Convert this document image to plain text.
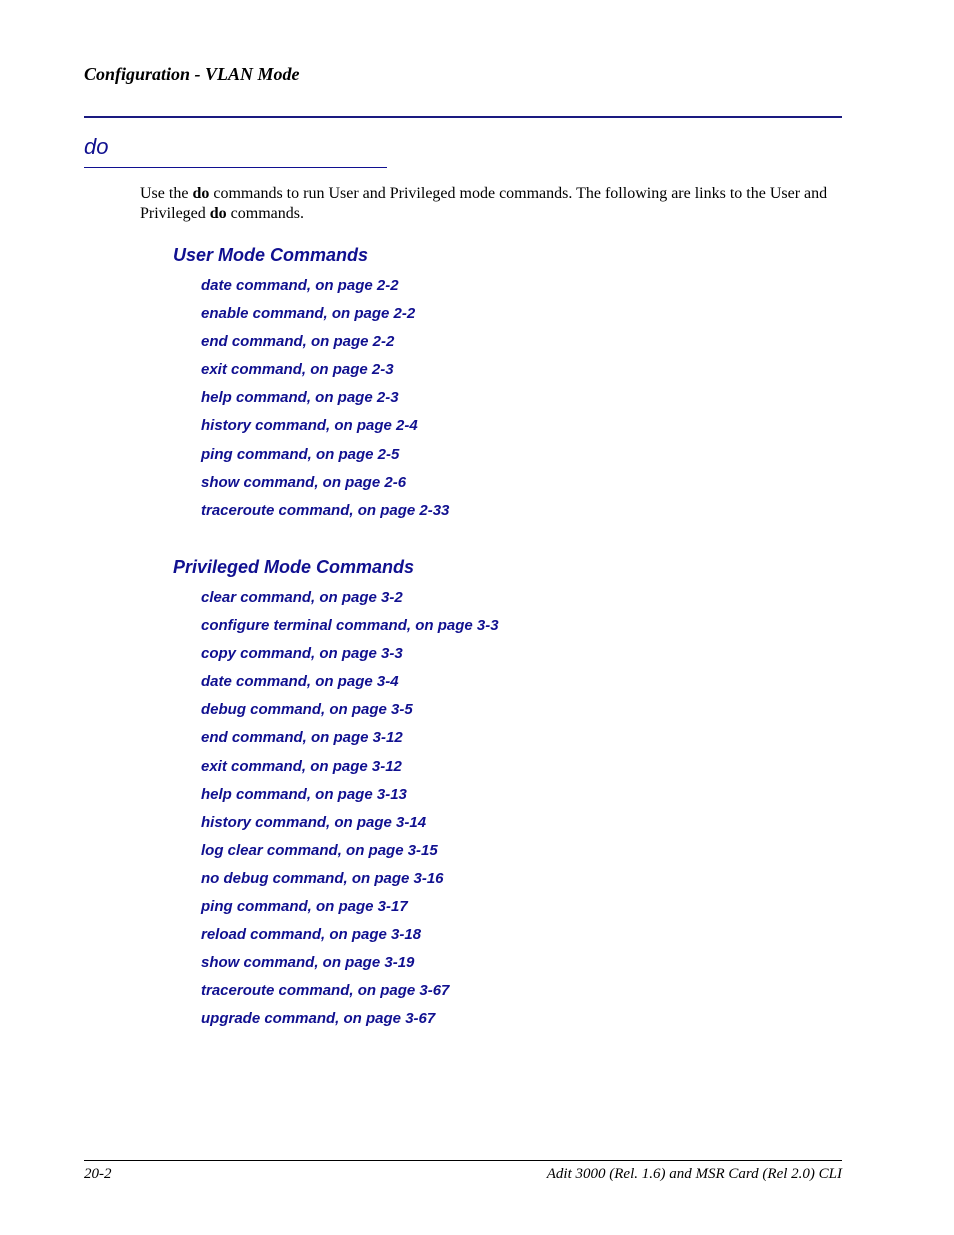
Configuration - VLAN Mode
do

Use the do commands to run User and Privileged mode commands. The following are links to the User and Privileged do commands.

User Mode Commands
date command, on page 2-2
enable command, on page 2-2
end command, on page 2-2
exit command, on page 2-3
help command, on page 2-3
history command, on page 2-4
ping command, on page 2-5
show command, on page 2-6
traceroute command, on page 2-33
Privileged Mode Commands
clear command, on page 3-2
configure terminal command, on page 3-3
copy command, on page 3-3
date command, on page 3-4
debug command, on page 3-5
end command, on page 3-12
exit command, on page 3-12
help command, on page 3-13
history command, on page 3-14
log clear command, on page 3-15
no debug command, on page 3-16
ping command, on page 3-17
reload command, on page 3-18
show command, on page 3-19
traceroute command, on page 3-67
upgrade command, on page 3-67
20-2	Adit 3000 (Rel. 1.6) and MSR Card (Rel 2.0) CLI
